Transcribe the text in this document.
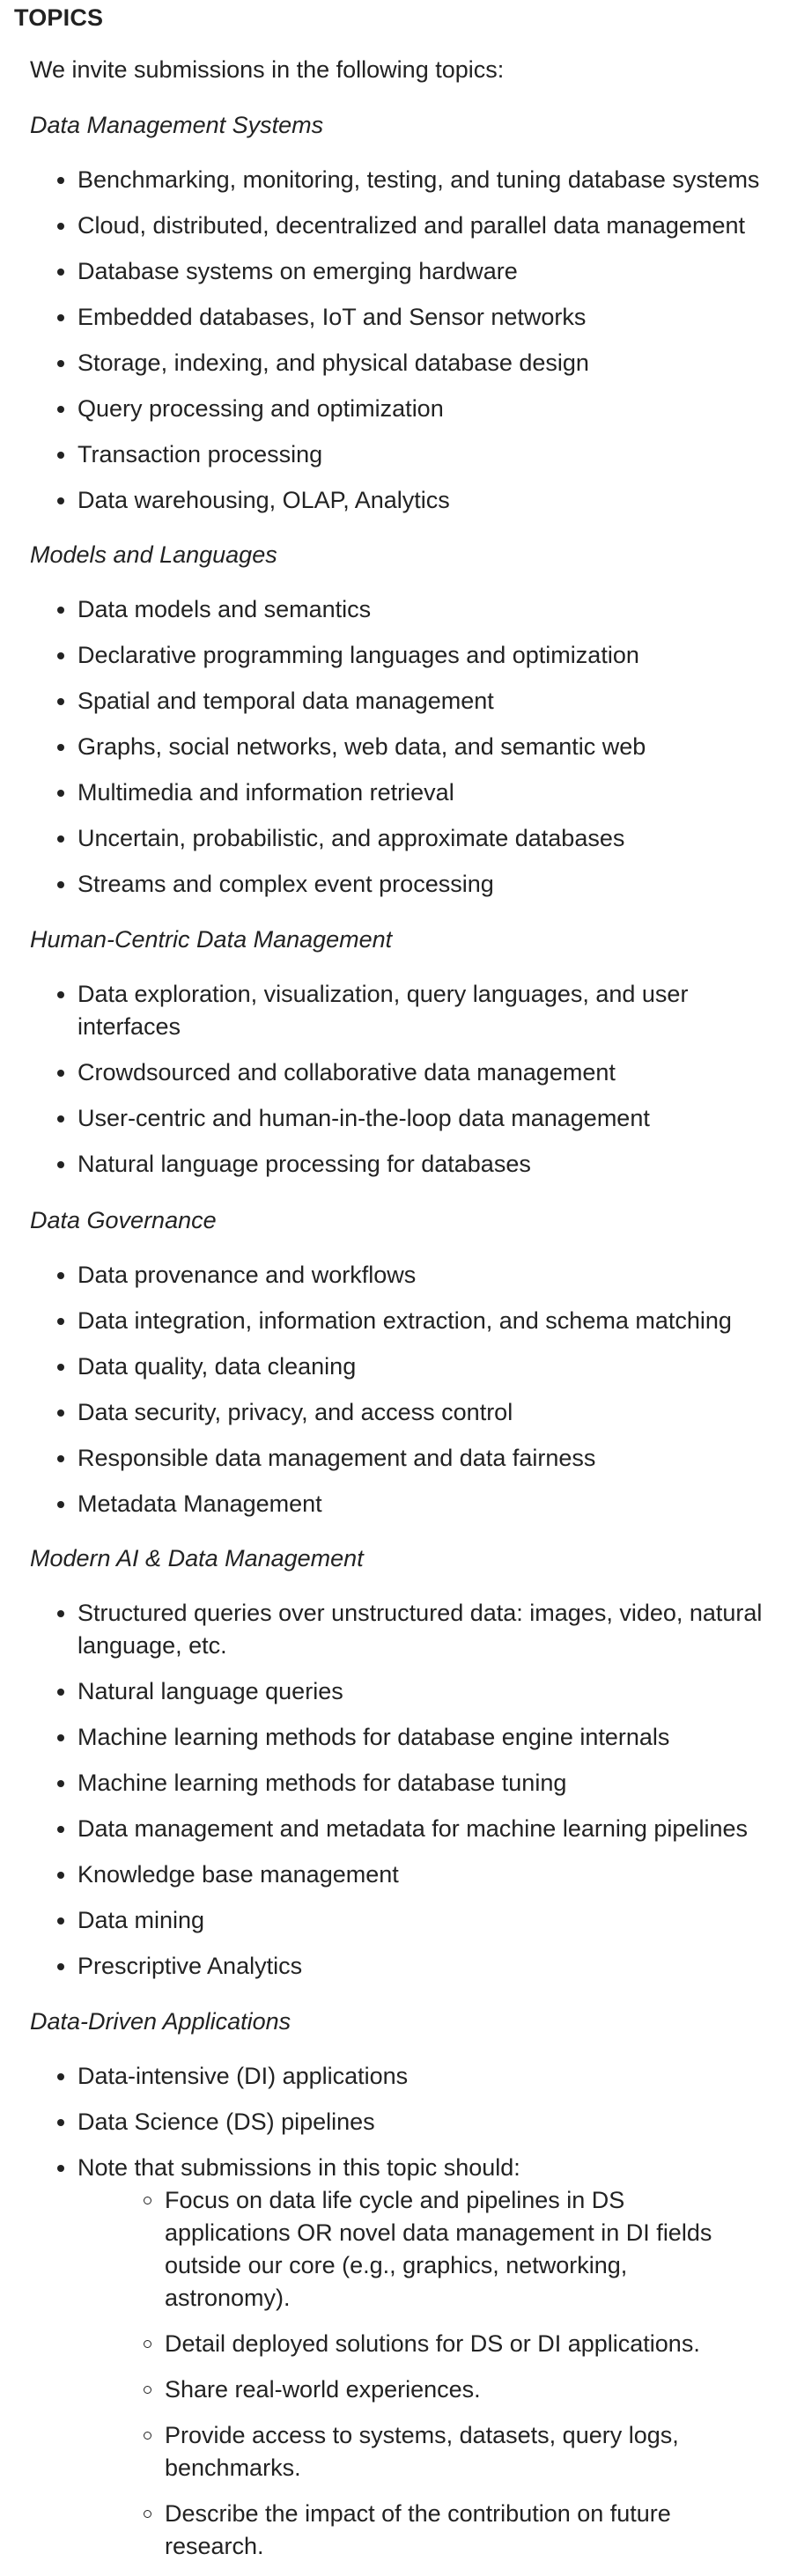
TOPICS

We invite submissions in the following topics:

Data Management Systems
Benchmarking, monitoring, testing, and tuning database systems
Cloud, distributed, decentralized and parallel data management
Database systems on emerging hardware
Embedded databases, IoT and Sensor networks
Storage, indexing, and physical database design
Query processing and optimization
Transaction processing
Data warehousing, OLAP, Analytics
Models and Languages
Data models and semantics
Declarative programming languages and optimization
Spatial and temporal data management
Graphs, social networks, web data, and semantic web
Multimedia and information retrieval
Uncertain, probabilistic, and approximate databases
Streams and complex event processing
Human-Centric Data Management
Data exploration, visualization, query languages, and user interfaces
Crowdsourced and collaborative data management
User-centric and human-in-the-loop data management
Natural language processing for databases
Data Governance
Data provenance and workflows
Data integration, information extraction, and schema matching
Data quality, data cleaning
Data security, privacy, and access control
Responsible data management and data fairness
Metadata Management
Modern AI & Data Management
Structured queries over unstructured data: images, video, natural language, etc.
Natural language queries
Machine learning methods for database engine internals
Machine learning methods for database tuning
Data management and metadata for machine learning pipelines
Knowledge base management
Data mining
Prescriptive Analytics
Data-Driven Applications
Data-intensive (DI) applications
Data Science (DS) pipelines
Note that submissions in this topic should:
Focus on data life cycle and pipelines in DS applications OR novel data management in DI fields outside our core (e.g., graphics, networking, astronomy).
Detail deployed solutions for DS or DI applications.
Share real-world experiences.
Provide access to systems, datasets, query logs, benchmarks.
Describe the impact of the contribution on future research.
